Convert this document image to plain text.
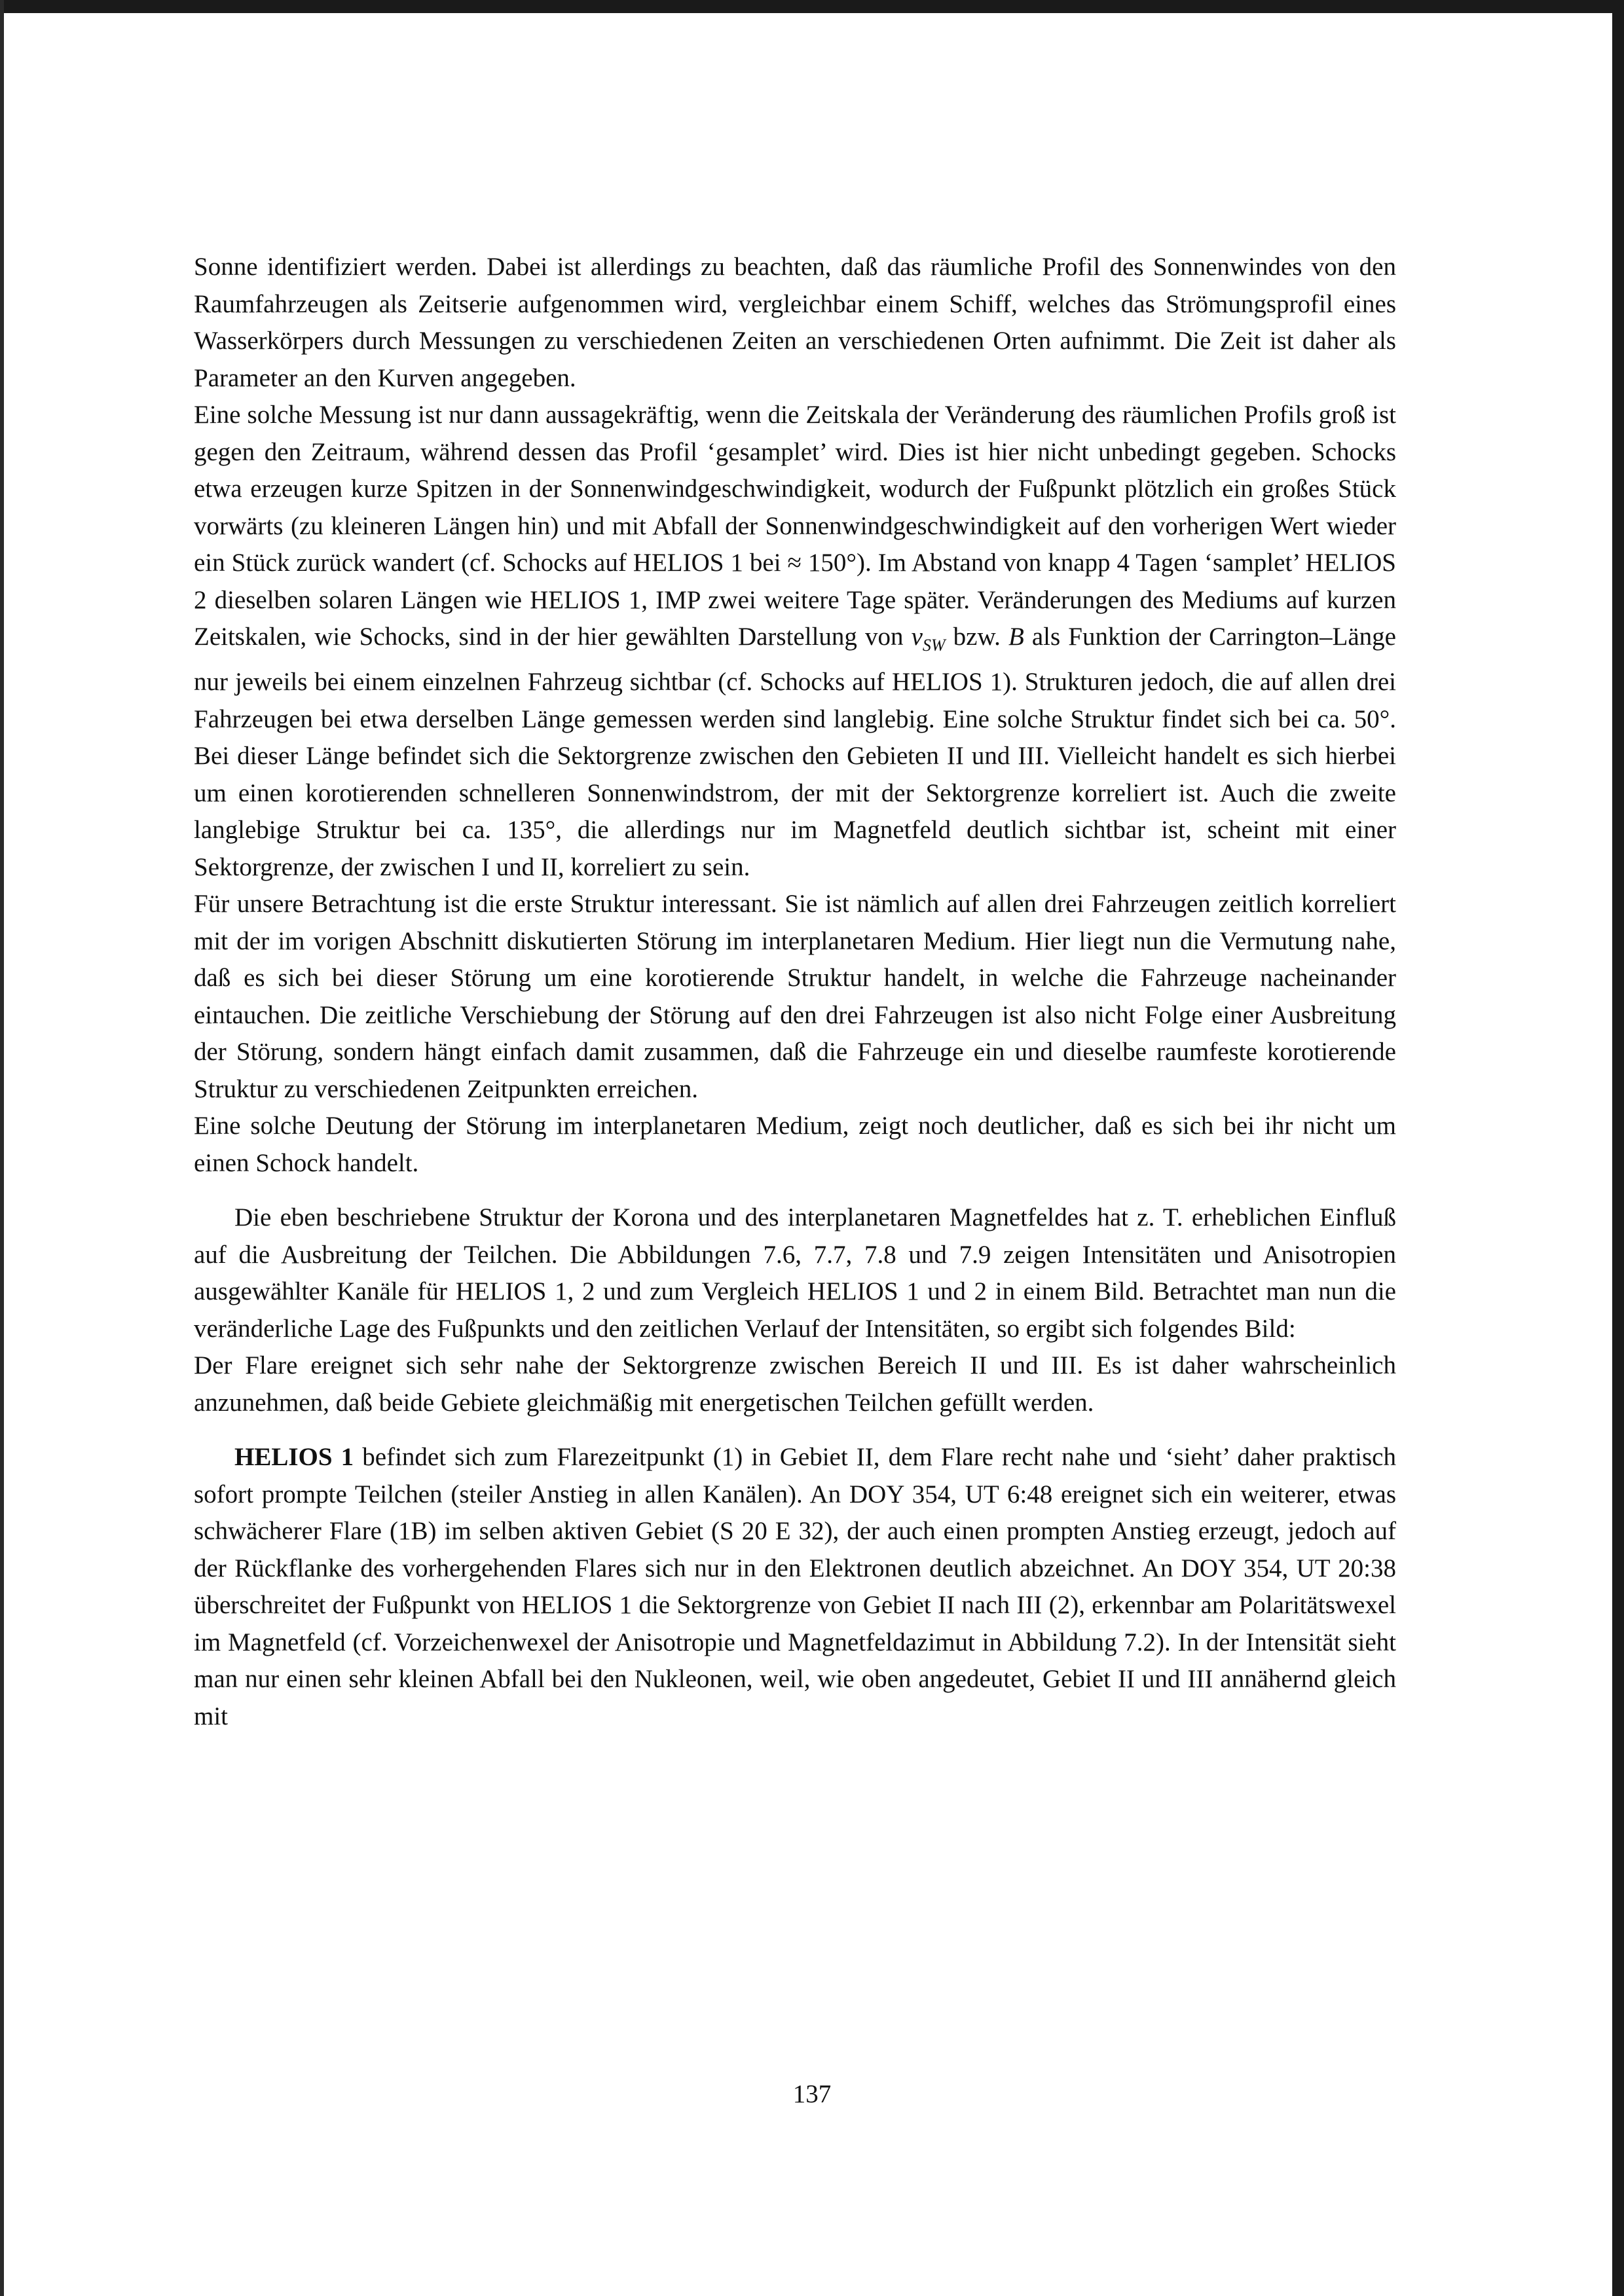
Sonne identifiziert werden. Dabei ist allerdings zu beachten, daß das räumliche Profil des Sonnenwindes von den Raumfahrzeugen als Zeitserie aufgenommen wird, vergleichbar einem Schiff, welches das Strömungsprofil eines Wasserkörpers durch Messungen zu verschiedenen Zeiten an verschiedenen Orten aufnimmt. Die Zeit ist daher als Parameter an den Kurven angegeben.

Eine solche Messung ist nur dann aussagekräftig, wenn die Zeitskala der Veränderung des räumlichen Profils groß ist gegen den Zeitraum, während dessen das Profil ‘gesamplet’ wird. Dies ist hier nicht unbedingt gegeben. Schocks etwa erzeugen kurze Spitzen in der Sonnenwindgeschwindigkeit, wodurch der Fußpunkt plötzlich ein großes Stück vorwärts (zu kleineren Längen hin) und mit Abfall der Sonnenwindgeschwindigkeit auf den vorherigen Wert wieder ein Stück zurück wandert (cf. Schocks auf HELIOS 1 bei ≈ 150°). Im Abstand von knapp 4 Tagen ‘samplet’ HELIOS 2 dieselben solaren Längen wie HELIOS 1, IMP zwei weitere Tage später. Veränderungen des Mediums auf kurzen Zeitskalen, wie Schocks, sind in der hier gewählten Darstellung von $v_{SW}$ bzw. B als Funktion der Carrington–Länge nur jeweils bei einem einzelnen Fahrzeug sichtbar (cf. Schocks auf HELIOS 1). Strukturen jedoch, die auf allen drei Fahrzeugen bei etwa derselben Länge gemessen werden sind langlebig. Eine solche Struktur findet sich bei ca. 50°. Bei dieser Länge befindet sich die Sektorgrenze zwischen den Gebieten II und III. Vielleicht handelt es sich hierbei um einen korotierenden schnelleren Sonnenwindstrom, der mit der Sektorgrenze korreliert ist. Auch die zweite langlebige Struktur bei ca. 135°, die allerdings nur im Magnetfeld deutlich sichtbar ist, scheint mit einer Sektorgrenze, der zwischen I und II, korreliert zu sein.

Für unsere Betrachtung ist die erste Struktur interessant. Sie ist nämlich auf allen drei Fahrzeugen zeitlich korreliert mit der im vorigen Abschnitt diskutierten Störung im interplanetaren Medium. Hier liegt nun die Vermutung nahe, daß es sich bei dieser Störung um eine korotierende Struktur handelt, in welche die Fahrzeuge nacheinander eintauchen. Die zeitliche Verschiebung der Störung auf den drei Fahrzeugen ist also nicht Folge einer Ausbreitung der Störung, sondern hängt einfach damit zusammen, daß die Fahrzeuge ein und dieselbe raumfeste korotierende Struktur zu verschiedenen Zeitpunkten erreichen.

Eine solche Deutung der Störung im interplanetaren Medium, zeigt noch deutlicher, daß es sich bei ihr nicht um einen Schock handelt.

Die eben beschriebene Struktur der Korona und des interplanetaren Magnetfeldes hat z. T. erheblichen Einfluß auf die Ausbreitung der Teilchen. Die Abbildungen 7.6, 7.7, 7.8 und 7.9 zeigen Intensitäten und Anisotropien ausgewählter Kanäle für HELIOS 1, 2 und zum Vergleich HELIOS 1 und 2 in einem Bild. Betrachtet man nun die veränderliche Lage des Fußpunkts und den zeitlichen Verlauf der Intensitäten, so ergibt sich folgendes Bild:

Der Flare ereignet sich sehr nahe der Sektorgrenze zwischen Bereich II und III. Es ist daher wahrscheinlich anzunehmen, daß beide Gebiete gleichmäßig mit energetischen Teilchen gefüllt werden.

HELIOS 1 befindet sich zum Flarezeitpunkt (1) in Gebiet II, dem Flare recht nahe und ‘sieht’ daher praktisch sofort prompte Teilchen (steiler Anstieg in allen Kanälen). An DOY 354, UT 6:48 ereignet sich ein weiterer, etwas schwächerer Flare (1B) im selben aktiven Gebiet (S 20 E 32), der auch einen prompten Anstieg erzeugt, jedoch auf der Rückflanke des vorhergehenden Flares sich nur in den Elektronen deutlich abzeichnet. An DOY 354, UT 20:38 überschreitet der Fußpunkt von HELIOS 1 die Sektorgrenze von Gebiet II nach III (2), erkennbar am Polaritätswexel im Magnetfeld (cf. Vorzeichenwexel der Anisotropie und Magnetfeldazimut in Abbildung 7.2). In der Intensität sieht man nur einen sehr kleinen Abfall bei den Nukleonen, weil, wie oben angedeutet, Gebiet II und III annähernd gleich mit

137
